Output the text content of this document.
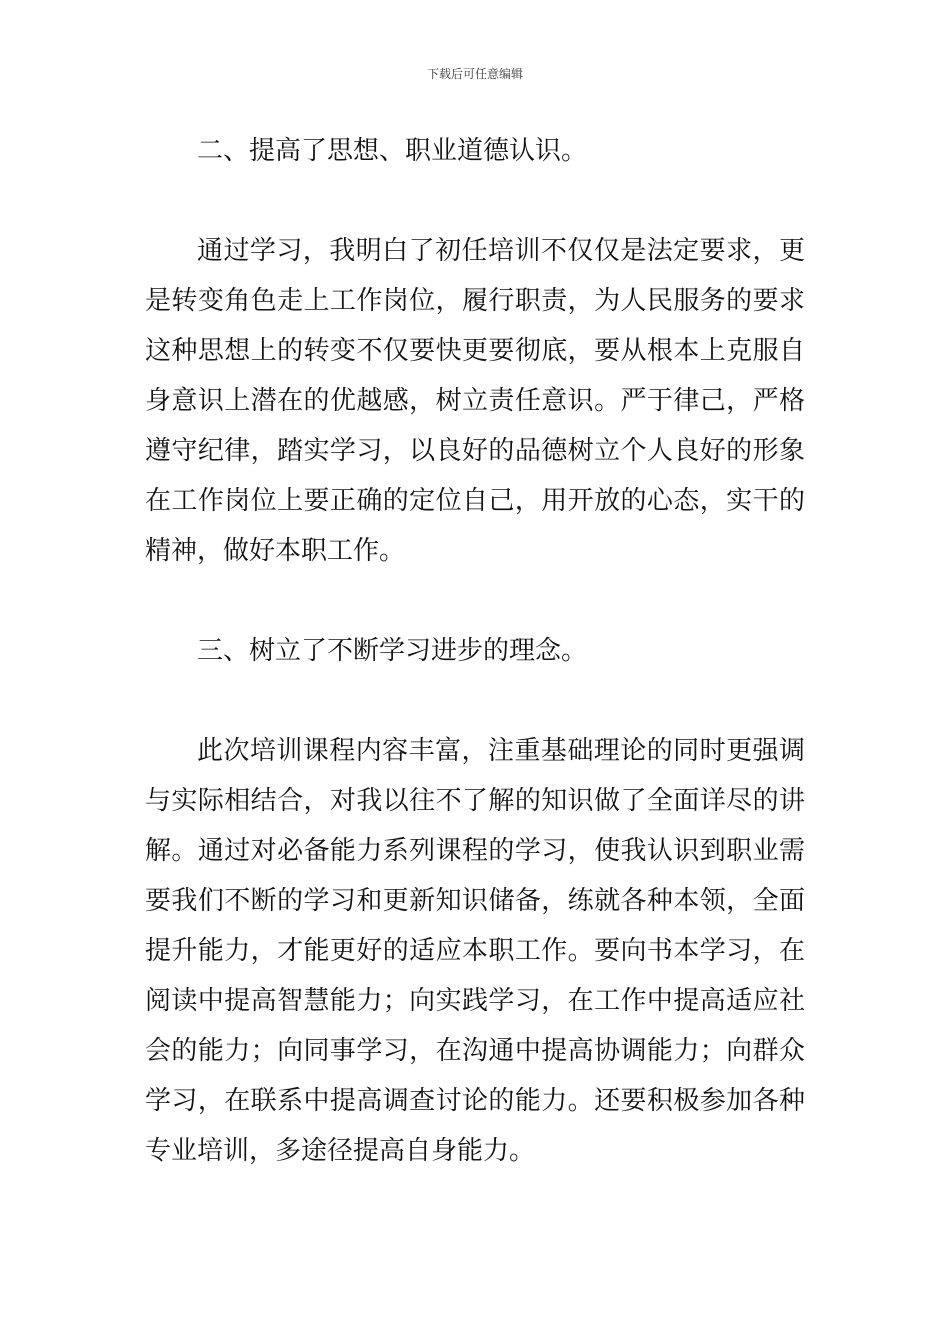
下载后可任意编辑
二、提高了思想、职业道德认识。
通过学习，我明白了初任培训不仅仅是法定要求，更
是转变角色走上工作岗位，履行职责，为人民服务的要求
这种思想上的转变不仅要快更要彻底，要从根本上克服自
身意识上潜在的优越感，树立责任意识。严于律己，严格
遵守纪律，踏实学习，以良好的品德树立个人良好的形象
在工作岗位上要正确的定位自己，用开放的心态，实干的
精神，做好本职工作。
三、树立了不断学习进步的理念。
此次培训课程内容丰富，注重基础理论的同时更强调
与实际相结合，对我以往不了解的知识做了全面详尽的讲
解。通过对必备能力系列课程的学习，使我认识到职业需
要我们不断的学习和更新知识储备，练就各种本领，全面
提升能力，才能更好的适应本职工作。要向书本学习，在
阅读中提高智慧能力；向实践学习，在工作中提高适应社
会的能力；向同事学习，在沟通中提高协调能力；向群众
学习，在联系中提高调查讨论的能力。还要积极参加各种
专业培训，多途径提高自身能力。
